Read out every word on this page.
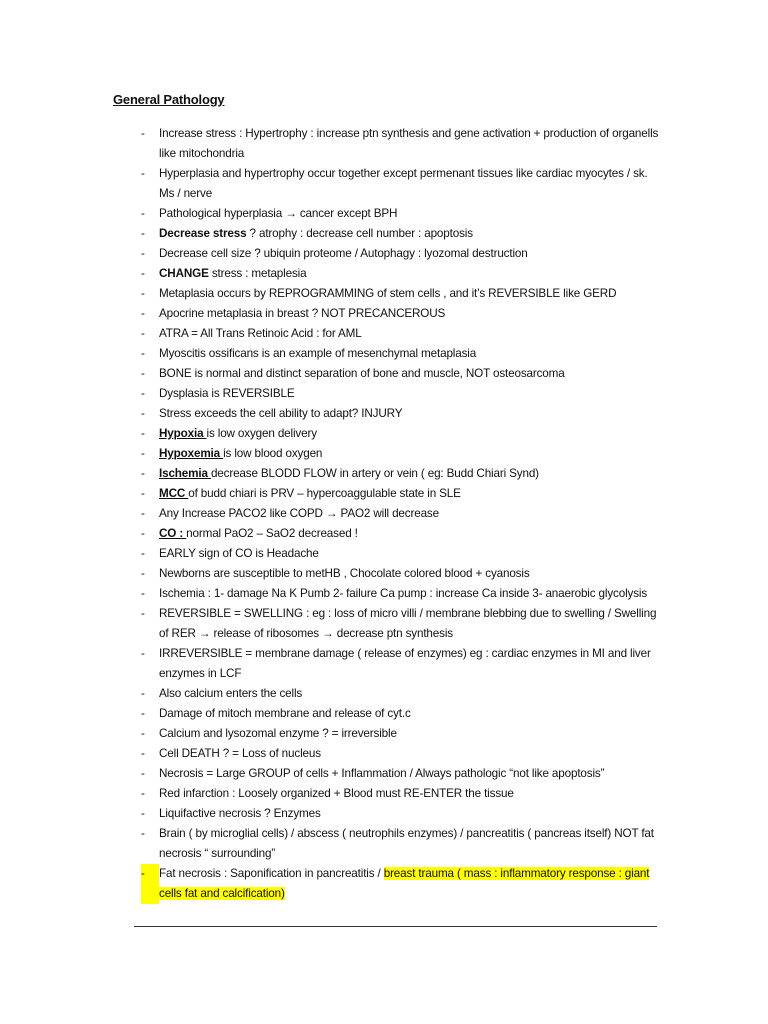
General Pathology
- Increase stress : Hypertrophy : increase ptn synthesis and gene activation + production of organells like mitochondria
- Hyperplasia and hypertrophy occur together except permenant tissues like cardiac myocytes / sk. Ms / nerve
- Pathological hyperplasia → cancer except BPH
- Decrease stress ? atrophy : decrease cell number : apoptosis
- Decrease cell size ? ubiquin proteome / Autophagy : lyozomal destruction
- CHANGE stress : metaplesia
- Metaplasia occurs by REPROGRAMMING of stem cells , and it’s REVERSIBLE like GERD
- Apocrine metaplasia in breast ? NOT PRECANCEROUS
- ATRA = All Trans Retinoic Acid : for AML
- Myoscitis ossificans is an example of mesenchymal metaplasia
- BONE is normal and distinct separation of bone and muscle, NOT osteosarcoma
- Dysplasia is REVERSIBLE
- Stress exceeds the cell ability to adapt? INJURY
- Hypoxia is low oxygen delivery
- Hypoxemia is low blood oxygen
- Ischemia decrease BLODD FLOW in artery or vein ( eg: Budd Chiari Synd)
- MCC of budd chiari is PRV – hypercoaggulable state in SLE
- Any Increase PACO2 like COPD → PAO2 will decrease
- CO : normal PaO2 – SaO2 decreased !
- EARLY sign of CO is Headache
- Newborns are susceptible to metHB , Chocolate colored blood + cyanosis
- Ischemia : 1- damage Na K Pumb 2- failure Ca pump : increase Ca inside 3- anaerobic glycolysis
- REVERSIBLE = SWELLING : eg : loss of micro villi / membrane blebbing due to swelling / Swelling of RER → release of ribosomes → decrease ptn synthesis
- IRREVERSIBLE = membrane damage ( release of enzymes) eg : cardiac enzymes in MI and liver enzymes in LCF
- Also calcium enters the cells
- Damage of mitoch membrane and release of cyt.c
- Calcium and lysozomal enzyme ? = irreversible
- Cell DEATH ? = Loss of nucleus
- Necrosis = Large GROUP of cells + Inflammation / Always pathologic “not like apoptosis”
- Red infarction : Loosely organized + Blood must RE-ENTER the tissue
- Liquifactive necrosis ? Enzymes
- Brain ( by microglial cells) / abscess ( neutrophils enzymes) / pancreatitis ( pancreas itself) NOT fat necrosis “ surrounding”
- Fat necrosis : Saponification in pancreatitis / breast trauma ( mass : inflammatory response : giant cells fat and calcification)
